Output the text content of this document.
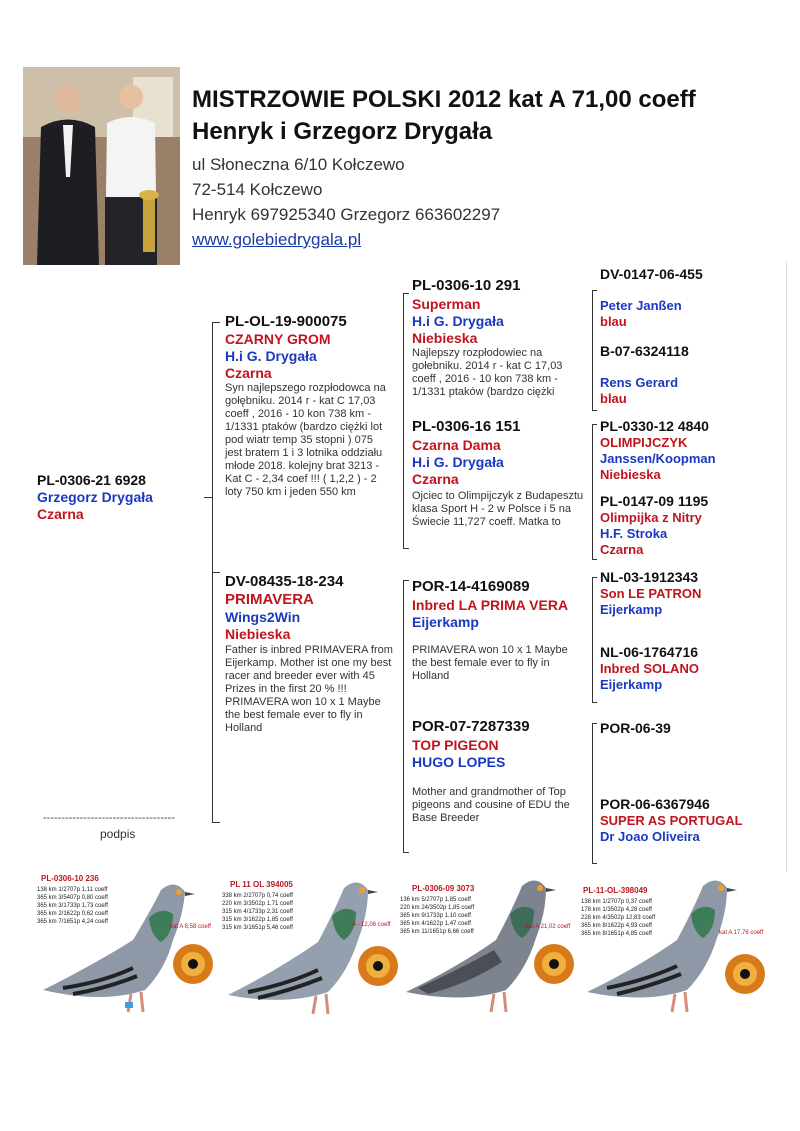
MISTRZOWIE POLSKI 2012 kat A 71,00 coeff
Henryk i Grzegorz Drygała
ul Słoneczna 6/10 Kołczewo
72-514 Kołczewo
Henryk 697925340 Grzegorz 663602297
www.golebiedrygala.pl
PL-0306-21 6928
Grzegorz Drygała
Czarna
PL-OL-19-900075
CZARNY GROM
H.i G. Drygała
Czarna
Syn najlepszego rozpłodowca na gołębniku. 2014 r - kat C 17,03 coeff , 2016 - 10 kon 738 km - 1/1331 ptaków (bardzo ciężki lot pod wiatr temp 35 stopni ) 075 jest bratem 1 i 3 lotnika oddziału młode 2018. kolejny brat 3213 - Kat C - 2,34 coef !!! ( 1,2,2 ) - 2 loty 750 km i jeden 550 km
DV-08435-18-234
PRIMAVERA
Wings2Win
Niebieska
Father is inbred PRIMAVERA from Eijerkamp. Mother ist one my best racer and breeder ever with 45 Prizes in the first 20 % !!! PRIMAVERA won 10 x 1 Maybe the best female ever to fly in Holland
PL-0306-10 291
Superman
H.i G. Drygała
Niebieska
Najlepszy rozpłodowiec na gołebniku. 2014 r - kat C 17,03 coeff , 2016 - 10 kon 738 km - 1/1331 ptaków (bardzo ciężki
PL-0306-16 151
Czarna Dama
H.i G. Drygała
Czarna
Ojciec to Olimpijczyk z Budapesztu klasa Sport H - 2 w Polsce i 5 na Świecie 11,727 coeff. Matka to
POR-14-4169089
Inbred LA PRIMA VERA
Eijerkamp
PRIMAVERA won 10 x 1 Maybe
the best female ever to fly in Holland
POR-07-7287339
TOP PIGEON
HUGO LOPES
Mother and grandmother of Top pigeons and cousine of EDU the Base Breeder
DV-0147-06-455
Peter Janßen
blau
B-07-6324118
Rens Gerard
blau
PL-0330-12 4840
OLIMPIJCZYK
Janssen/Koopman
Niebieska
PL-0147-09 1195
Olimpijka z Nitry
H.F. Stroka
Czarna
NL-03-1912343
Son LE PATRON
Eijerkamp
NL-06-1764716
Inbred SOLANO
Eijerkamp
POR-06-39
POR-06-6367946
SUPER AS PORTUGAL
Dr Joao Oliveira
------------------------------------
podpis
PL-0306-10 236
138 km 1/2707p 1,11 coeff
365 km 3/5407p 0,80 coeff
365 km 3/1733p 1,73 coeff
365 km 2/1622p 0,62 coeff
365 km 7/1651p 4,24 coeff
kat A 8,58 coeff
PL 11 OL 394005
338 km 2/2707p 0,74 coeff
220 km 3/3502p 1,71 coeff
315 km 4/1733p 2,31 coeff
315 km 3/1622p 1,85 coeff
315 km 3/1651p 5,46 coeff	A - 12,08 coeff
PL-0306-09 3073
136 km 5/2707p 1,85 coeff
220 km 24/3502p 1,85 coeff
365 km 9/1733p 1,10 coeff
365 km 4/1622p 1,47 coeff
365 km 11/1651p 6,66 coeff
kat A 21,02 coeff
PL-11-OL-398049
138 km 1/2707p 0,37 coeff
178 km 1/3502p 4,28 coeff
228 km 4/3502p 12,83 coeff
365 km 8/1622p 4,93 coeff
365 km 8/1651p 4,85 coeff	kat A 17,76 coeff
